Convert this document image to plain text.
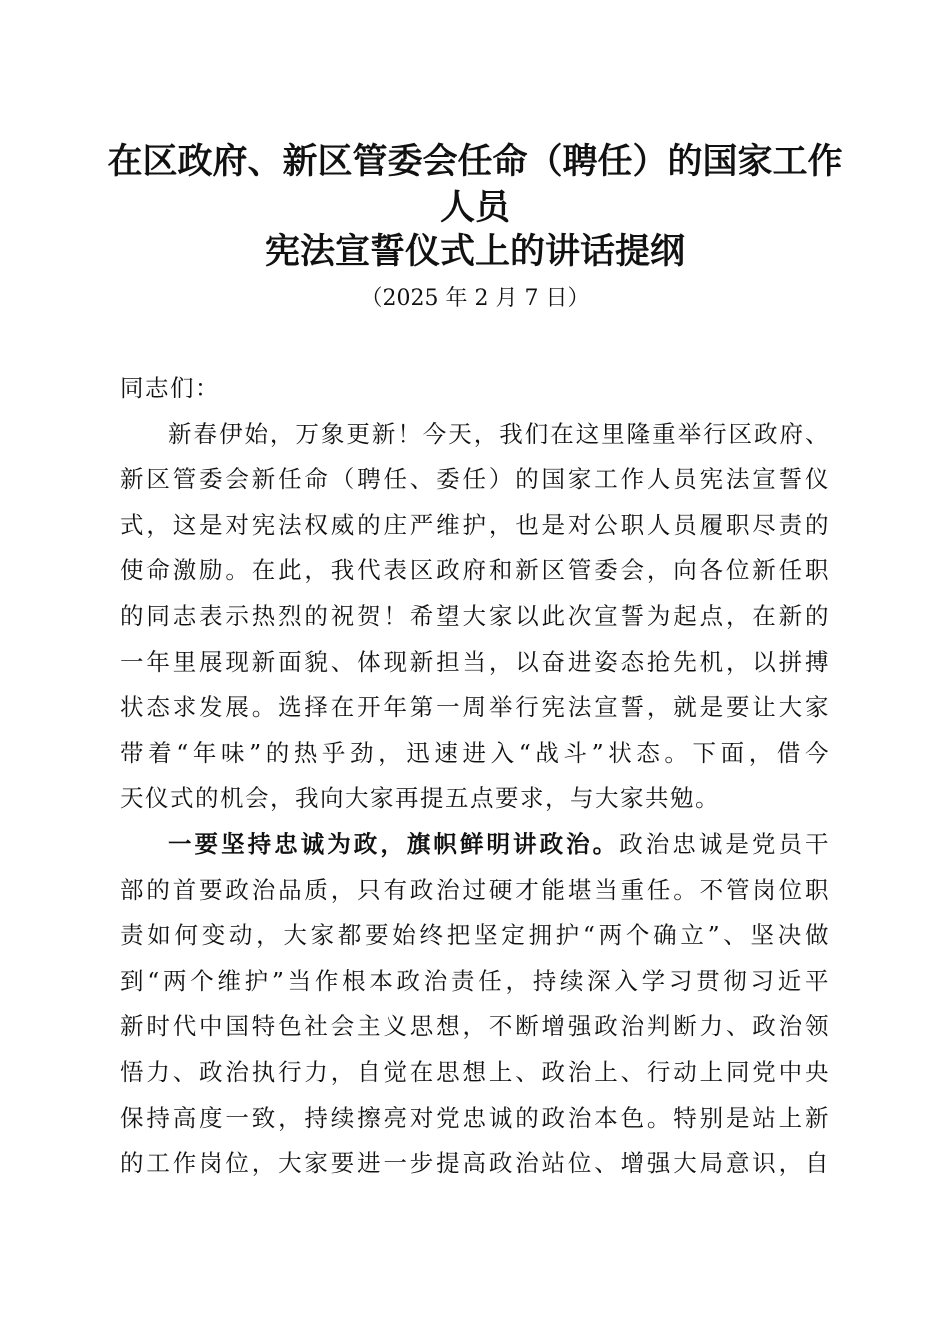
在区政府、新区管委会任命（聘任）的国家工作
人员
宪法宣誓仪式上的讲话提纲
（2025 年 2 月 7 日）
同志们：
新春伊始，万象更新！今天，我们在这里隆重举行区政府、
新区管委会新任命（聘任、委任）的国家工作人员宪法宣誓仪
式，这是对宪法权威的庄严维护，也是对公职人员履职尽责的
使命激励。在此，我代表区政府和新区管委会，向各位新任职
的同志表示热烈的祝贺！希望大家以此次宣誓为起点，在新的
一年里展现新面貌、体现新担当，以奋进姿态抢先机，以拼搏
状态求发展。选择在开年第一周举行宪法宣誓，就是要让大家
带着“年味”的热乎劲，迅速进入“战斗”状态。下面，借今
天仪式的机会，我向大家再提五点要求，与大家共勉。
一要坚持忠诚为政，旗帜鲜明讲政治。政治忠诚是党员干
部的首要政治品质，只有政治过硬才能堪当重任。不管岗位职
责如何变动，大家都要始终把坚定拥护“两个确立”、坚决做
到“两个维护”当作根本政治责任，持续深入学习贯彻习近平
新时代中国特色社会主义思想，不断增强政治判断力、政治领
悟力、政治执行力，自觉在思想上、政治上、行动上同党中央
保持高度一致，持续擦亮对党忠诚的政治本色。特别是站上新
的工作岗位，大家要进一步提高政治站位、增强大局意识，自
